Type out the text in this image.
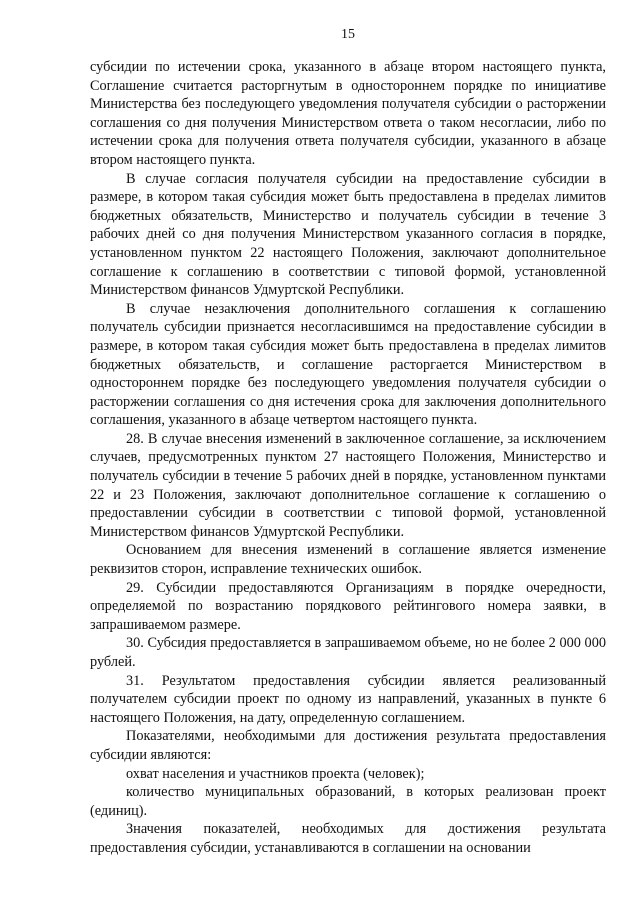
15

субсидии по истечении срока, указанного в абзаце втором настоящего пункта, Соглашение считается расторгнутым в одностороннем порядке по инициативе Министерства без последующего уведомления получателя субсидии о расторжении соглашения со дня получения Министерством ответа о таком несогласии, либо по истечении срока для получения ответа получателя субсидии, указанного в абзаце втором настоящего пункта.

В случае согласия получателя субсидии на предоставление субсидии в размере, в котором такая субсидия может быть предоставлена в пределах лимитов бюджетных обязательств, Министерство и получатель субсидии в течение 3 рабочих дней со дня получения Министерством указанного согласия в порядке, установленном пунктом 22 настоящего Положения, заключают дополнительное соглашение к соглашению в соответствии с типовой формой, установленной Министерством финансов Удмуртской Республики.

В случае незаключения дополнительного соглашения к соглашению получатель субсидии признается несогласившимся на предоставление субсидии в размере, в котором такая субсидия может быть предоставлена в пределах лимитов бюджетных обязательств, и соглашение расторгается Министерством в одностороннем порядке без последующего уведомления получателя субсидии о расторжении соглашения со дня истечения срока для заключения дополнительного соглашения, указанного в абзаце четвертом настоящего пункта.

28. В случае внесения изменений в заключенное соглашение, за исключением случаев, предусмотренных пунктом 27 настоящего Положения, Министерство и получатель субсидии в течение 5 рабочих дней в порядке, установленном пунктами 22 и 23 Положения, заключают дополнительное соглашение к соглашению о предоставлении субсидии в соответствии с типовой формой, установленной Министерством финансов Удмуртской Республики.

Основанием для внесения изменений в соглашение является изменение реквизитов сторон, исправление технических ошибок.

29. Субсидии предоставляются Организациям в порядке очередности, определяемой по возрастанию порядкового рейтингового номера заявки, в запрашиваемом размере.

30. Субсидия предоставляется в запрашиваемом объеме, но не более 2 000 000 рублей.

31. Результатом предоставления субсидии является реализованный получателем субсидии проект по одному из направлений, указанных в пункте 6 настоящего Положения, на дату, определенную соглашением.

Показателями, необходимыми для достижения результата предоставления субсидии являются:

охват населения и участников проекта (человек);

количество муниципальных образований, в которых реализован проект (единиц).

Значения показателей, необходимых для достижения результата предоставления субсидии, устанавливаются в соглашении на основании
